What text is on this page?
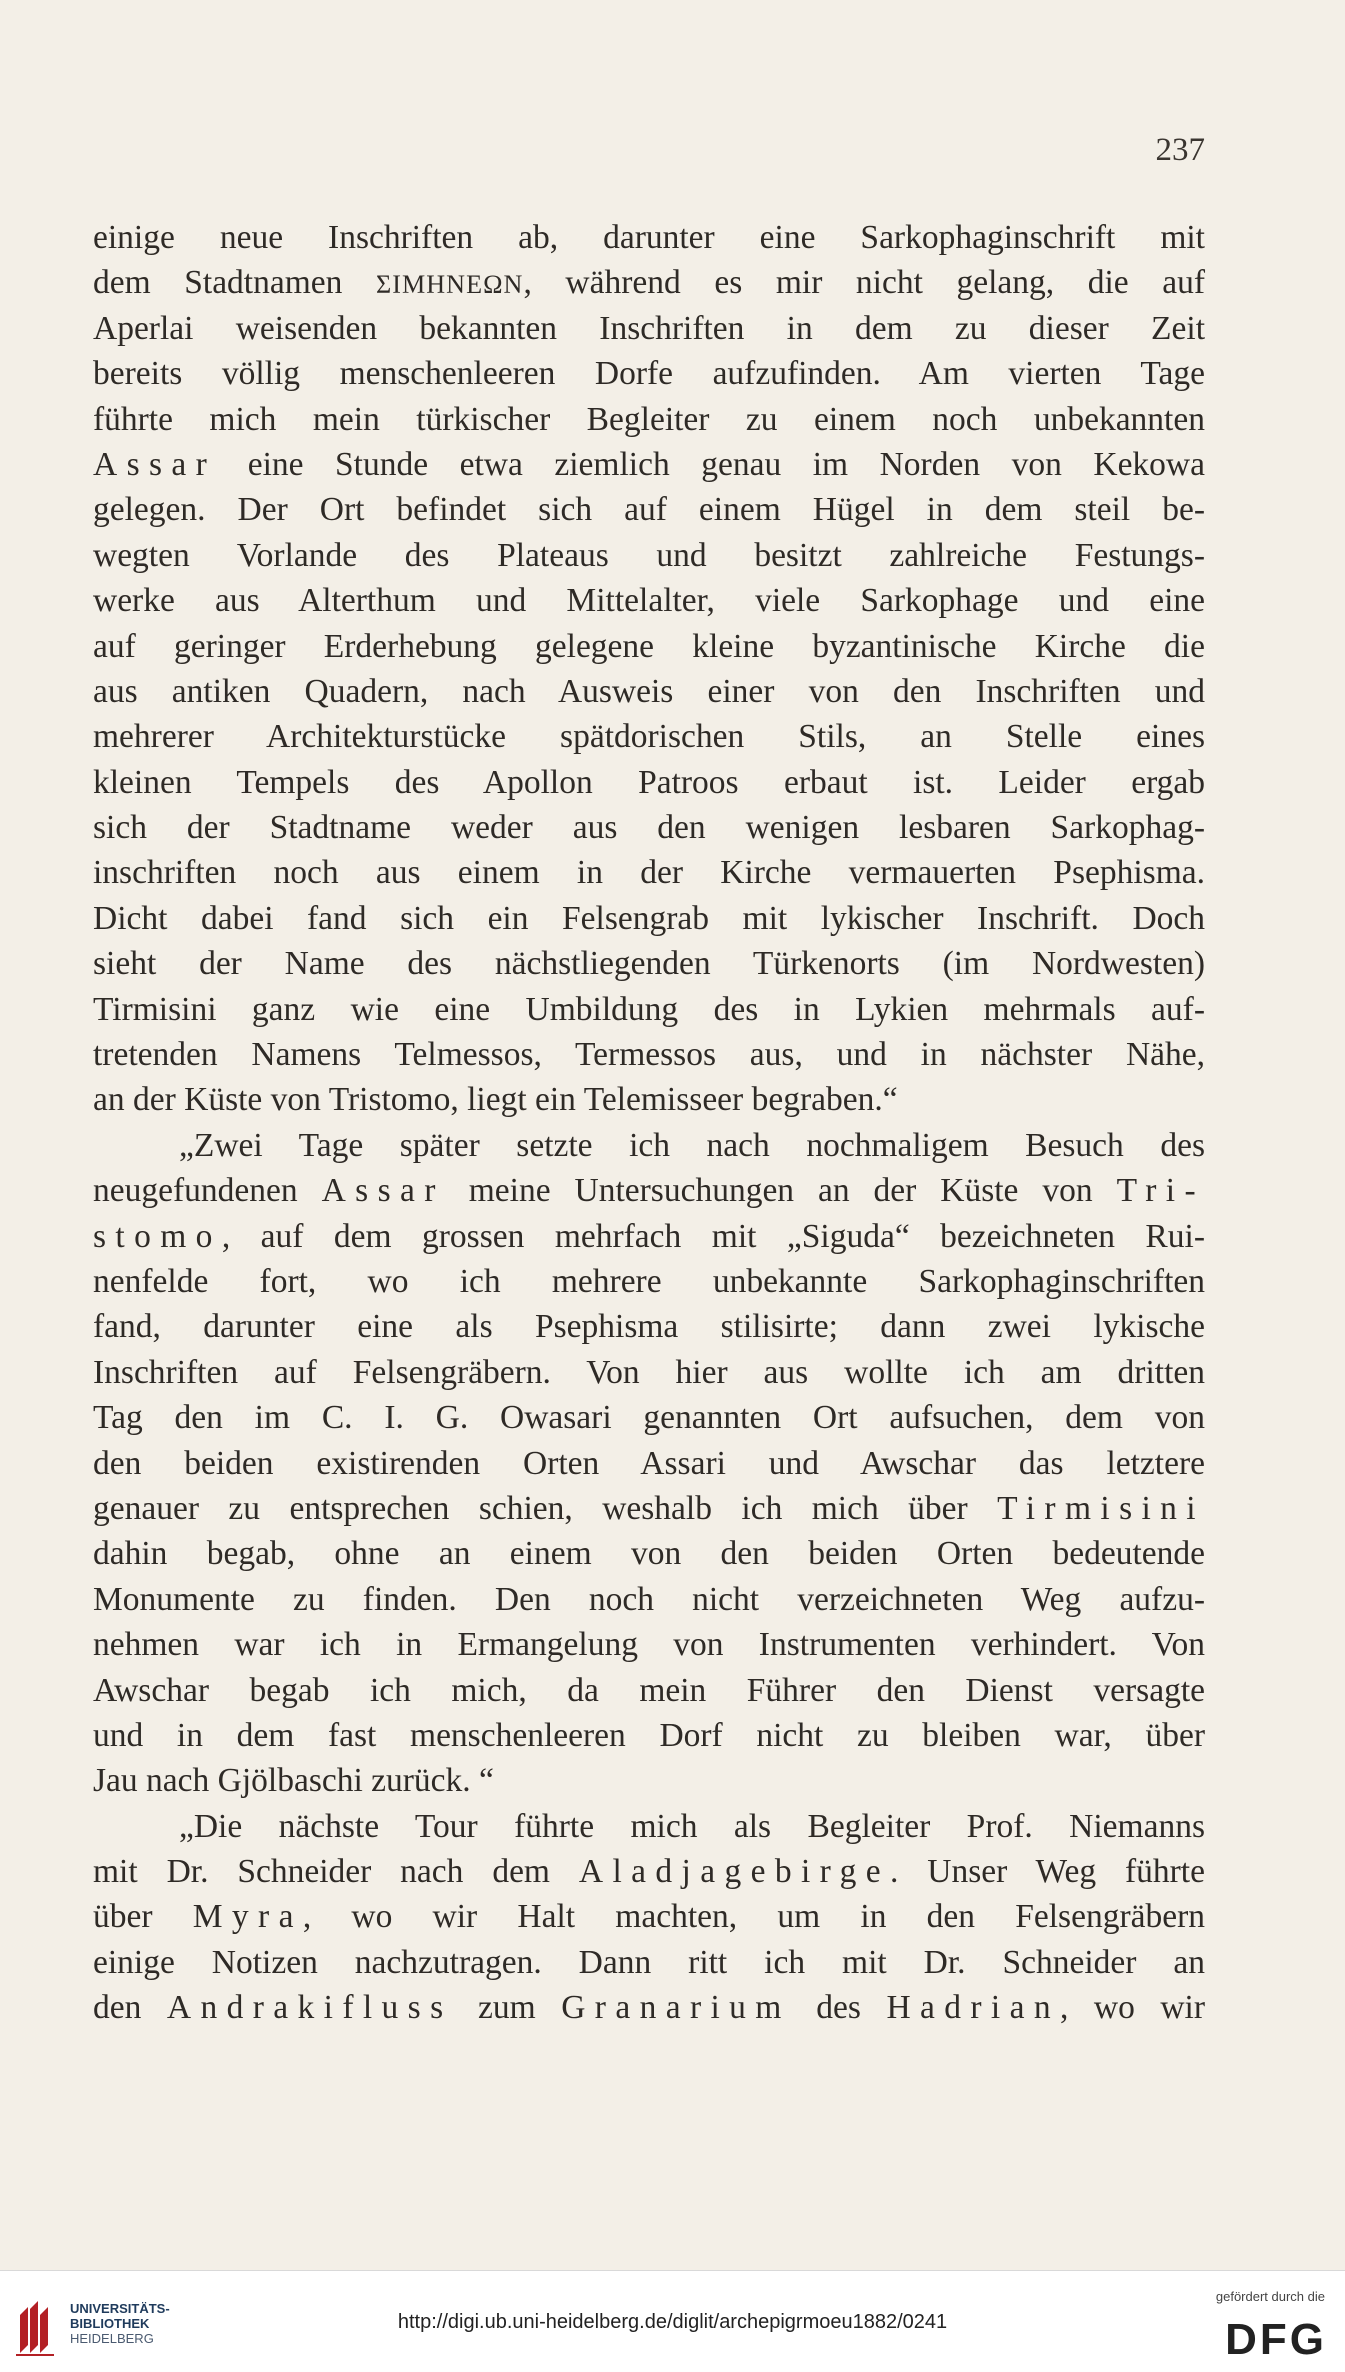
237
einige neue Inschriften ab, darunter eine Sarkophaginschrift mit
dem Stadtnamen ΣΙΜΗΝΕΩΝ, während es mir nicht gelang, die auf
Aperlai weisenden bekannten Inschriften in dem zu dieser Zeit
bereits völlig menschenleeren Dorfe aufzufinden. Am vierten Tage
führte mich mein türkischer Begleiter zu einem noch unbekannten
Assar eine Stunde etwa ziemlich genau im Norden von Kekowa
gelegen. Der Ort befindet sich auf einem Hügel in dem steil be-
wegten Vorlande des Plateaus und besitzt zahlreiche Festungs-
werke aus Alterthum und Mittelalter, viele Sarkophage und eine
auf geringer Erderhebung gelegene kleine byzantinische Kirche die
aus antiken Quadern, nach Ausweis einer von den Inschriften und
mehrerer Architekturstücke spätdorischen Stils, an Stelle eines
kleinen Tempels des Apollon Patroos erbaut ist. Leider ergab
sich der Stadtname weder aus den wenigen lesbaren Sarkophag-
inschriften noch aus einem in der Kirche vermauerten Psephisma.
Dicht dabei fand sich ein Felsengrab mit lykischer Inschrift. Doch
sieht der Name des nächstliegenden Türkenorts (im Nordwesten)
Tirmisini ganz wie eine Umbildung des in Lykien mehrmals auf-
tretenden Namens Telmessos, Termessos aus, und in nächster Nähe,
an der Küste von Tristomo, liegt ein Telemisseer begraben.“
„Zwei Tage später setzte ich nach nochmaligem Besuch des
neugefundenen Assar meine Untersuchungen an der Küste von Tri-
stomo, auf dem grossen mehrfach mit „Siguda“ bezeichneten Rui-
nenfelde fort, wo ich mehrere unbekannte Sarkophaginschriften
fand, darunter eine als Psephisma stilisirte; dann zwei lykische
Inschriften auf Felsengräbern. Von hier aus wollte ich am dritten
Tag den im C. I. G. Owasari genannten Ort aufsuchen, dem von
den beiden existirenden Orten Assari und Awschar das letztere
genauer zu entsprechen schien, weshalb ich mich über Tirmisini
dahin begab, ohne an einem von den beiden Orten bedeutende
Monumente zu finden. Den noch nicht verzeichneten Weg aufzu-
nehmen war ich in Ermangelung von Instrumenten verhindert. Von
Awschar begab ich mich, da mein Führer den Dienst versagte
und in dem fast menschenleeren Dorf nicht zu bleiben war, über
Jau nach Gjölbaschi zurück. “
„Die nächste Tour führte mich als Begleiter Prof. Niemanns
mit Dr. Schneider nach dem Aladjagebirge. Unser Weg führte
über Myra, wo wir Halt machten, um in den Felsengräbern
einige Notizen nachzutragen. Dann ritt ich mit Dr. Schneider an
den Andrakifluss zum Granarium des Hadrian, wo wir
UNIVERSITÄTS-
BIBLIOTHEK
HEIDELBERG
http://digi.ub.uni-heidelberg.de/diglit/archepigrmoeu1882/0241
gefördert durch die
DFG
